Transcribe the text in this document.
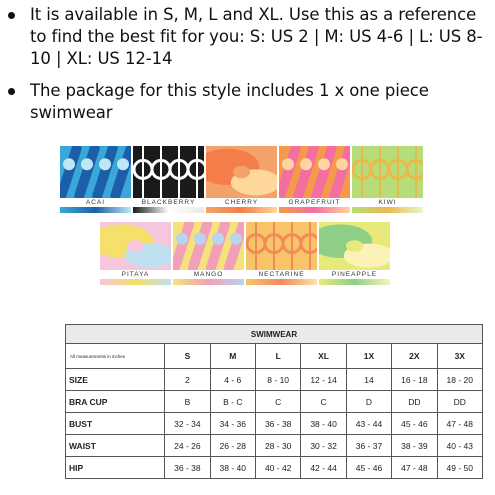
It is available in S, M, L and XL. Use this as a reference to find the best fit for you: S: US 2 | M: US 4-6 | L: US 8-10 | XL: US 12-14
The package for this style includes 1 x one piece swimwear
ACAI	BLACKBERRY	CHERRY	GRAPEFRUIT	KIWI
PITAYA	MANGO	NECTARINE	PINEAPPLE
SWIMWEAR							
All measurements in inches	S	M	L	XL	1X	2X	3X
SIZE	2	4 - 6	8 - 10	12 - 14	14	16 - 18	18 - 20
BRA CUP	B	B - C	C	C	D	DD	DD
BUST	32 - 34	34 - 36	36 - 38	38 - 40	43 - 44	45 - 46	47 - 48
WAIST	24 - 26	26 - 28	28 - 30	30 - 32	36 - 37	38 - 39	40 - 43
HIP	36 - 38	38 - 40	40 - 42	42 - 44	45 - 46	47 - 48	49 - 50
